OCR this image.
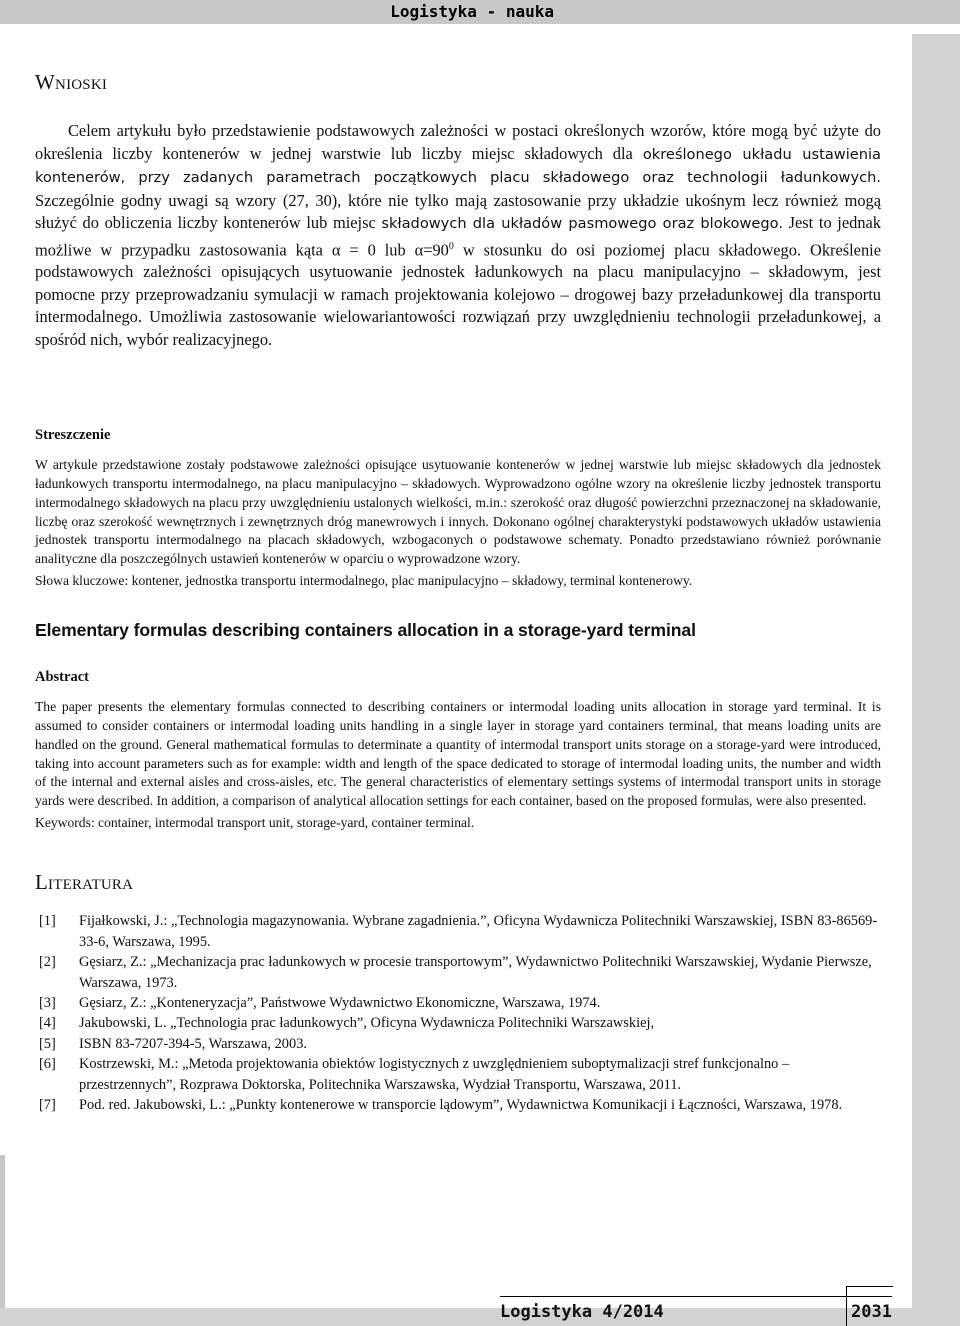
Logistyka - nauka
WNIOSKI

Celem artykułu było przedstawienie podstawowych zależności w postaci określonych wzorów, które mogą być użyte do określenia liczby kontenerów w jednej warstwie lub liczby miejsc składowych dla określonego układu ustawienia kontenerów, przy zadanych parametrach początkowych placu składowego oraz technologii ładunkowych. Szczególnie godny uwagi są wzory (27, 30), które nie tylko mają zastosowanie przy układzie ukośnym lecz również mogą służyć do obliczenia liczby kontenerów lub miejsc składowych dla układów pasmowego oraz blokowego. Jest to jednak możliwe w przypadku zastosowania kąta α = 0 lub $\alpha=90^0$ w stosunku do osi poziomej placu składowego. Określenie podstawowych zależności opisujących usytuowanie jednostek ładunkowych na placu manipulacyjno – składowym, jest pomocne przy przeprowadzaniu symulacji w ramach projektowania kolejowo – drogowej bazy przeładunkowej dla transportu intermodalnego. Umożliwia zastosowanie wielowariantowości rozwiązań przy uwzględnieniu technologii przeładunkowej, a spośród nich, wybór realizacyjnego.

Streszczenie

W artykule przedstawione zostały podstawowe zależności opisujące usytuowanie kontenerów w jednej warstwie lub miejsc składowych dla jednostek ładunkowych transportu intermodalnego, na placu manipulacyjno – składowych. Wyprowadzono ogólne wzory na określenie liczby jednostek transportu intermodalnego składowych na placu przy uwzględnieniu ustalonych wielkości, m.in.: szerokość oraz długość powierzchni przeznaczonej na składowanie, liczbę oraz szerokość wewnętrznych i zewnętrznych dróg manewrowych i innych. Dokonano ogólnej charakterystyki podstawowych układów ustawienia jednostek transportu intermodalnego na placach składowych, wzbogaconych o podstawowe schematy. Ponadto przedstawiano również porównanie analityczne dla poszczególnych ustawień kontenerów w oparciu o wyprowadzone wzory.

Słowa kluczowe: kontener, jednostka transportu intermodalnego, plac manipulacyjno – składowy, terminal kontenerowy.

Elementary formulas describing containers allocation in a storage-yard terminal
Abstract

The paper presents the elementary formulas connected to describing containers or intermodal loading units allocation in storage yard terminal. It is assumed to consider containers or intermodal loading units handling in a single layer in storage yard containers terminal, that means loading units are handled on the ground. General mathematical formulas to determinate a quantity of intermodal transport units storage on a storage-yard were introduced, taking into account parameters such as for example: width and length of the space dedicated to storage of intermodal loading units, the number and width of the internal and external aisles and cross-aisles, etc. The general characteristics of elementary settings systems of intermodal transport units in storage yards were described. In addition, a comparison of analytical allocation settings for each container, based on the proposed formulas, were also presented.

Keywords: container, intermodal transport unit, storage-yard, container terminal.

LITERATURA
[1]	Fijałkowski, J.: „Technologia magazynowania. Wybrane zagadnienia.”, Oficyna Wydawnicza Politechniki Warszawskiej, ISBN 83-86569-33-6, Warszawa, 1995.
[2]	Gęsiarz, Z.: „Mechanizacja prac ładunkowych w procesie transportowym”, Wydawnictwo Politechniki Warszawskiej, Wydanie Pierwsze, Warszawa, 1973.
[3]	Gęsiarz, Z.: „Konteneryzacja”, Państwowe Wydawnictwo Ekonomiczne, Warszawa, 1974.
[4]	Jakubowski, L. „Technologia prac ładunkowych”, Oficyna Wydawnicza Politechniki Warszawskiej,
[5]	ISBN 83-7207-394-5, Warszawa, 2003.
[6]	Kostrzewski, M.: „Metoda projektowania obiektów logistycznych z uwzględnieniem suboptymalizacji stref funkcjonalno – przestrzennych”, Rozprawa Doktorska, Politechnika Warszawska, Wydział Transportu, Warszawa, 2011.
[7]	Pod. red. Jakubowski, L.: „Punkty kontenerowe w transporcie lądowym”, Wydawnictwa Komunikacji i Łączności, Warszawa, 1978.
Logistyka 4/2014	2031
